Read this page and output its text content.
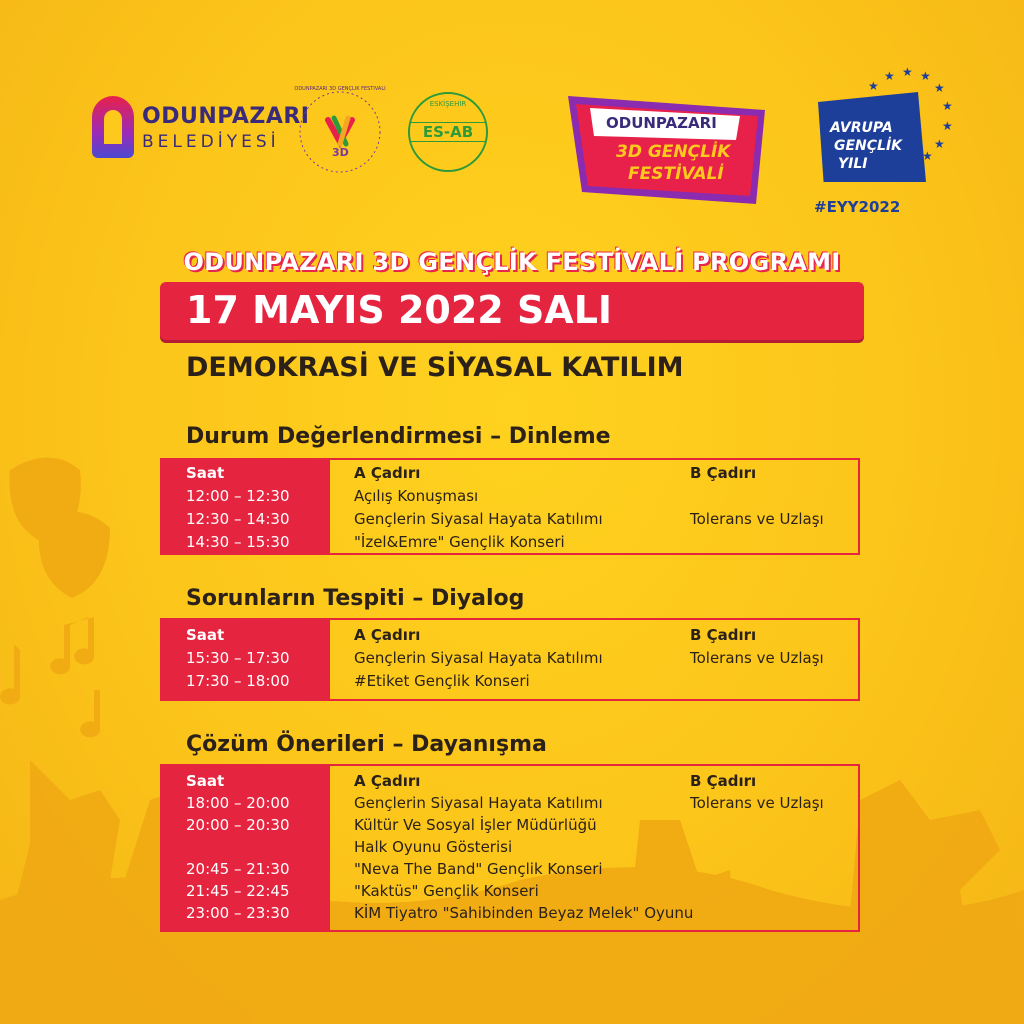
ODUNPAZARI
BELEDİYESİ
3D
ODUNPAZARI 3D GENÇLİK FESTİVALİ
ESKİŞEHİR
ES-AB	ODUNPAZARI
3D GENÇLİK
FESTİVALİ
★ ★ ★
★
★
★
★
★
★
AVRUPA
GENÇLİK
YILI
#EYY2022
ODUNPAZARI 3D GENÇLİK FESTİVALİ PROGRAMI
17 MAYIS 2022 SALI
DEMOKRASİ VE SİYASAL KATILIM
Durum Değerlendirmesi – Dinleme
Saat	A Çadırı	B Çadırı
12:00 – 12:30	Açılış Konuşması
12:30 – 14:30	Gençlerin Siyasal Hayata Katılımı	Tolerans ve Uzlaşı
14:30 – 15:30	"İzel&Emre" Gençlik Konseri
Sorunların Tespiti – Diyalog
Saat	A Çadırı	B Çadırı
15:30 – 17:30	Gençlerin Siyasal Hayata Katılımı	Tolerans ve Uzlaşı
17:30 – 18:00	#Etiket Gençlik Konseri
Çözüm Önerileri – Dayanışma
Saat	A Çadırı	B Çadırı
18:00 – 20:00	Gençlerin Siyasal Hayata Katılımı	Tolerans ve Uzlaşı
20:00 – 20:30	Kültür Ve Sosyal İşler Müdürlüğü
Halk Oyunu Gösterisi
20:45 – 21:30	"Neva The Band" Gençlik Konseri
21:45 – 22:45	"Kaktüs" Gençlik Konseri
23:00 – 23:30	KİM Tiyatro "Sahibinden Beyaz Melek" Oyunu
